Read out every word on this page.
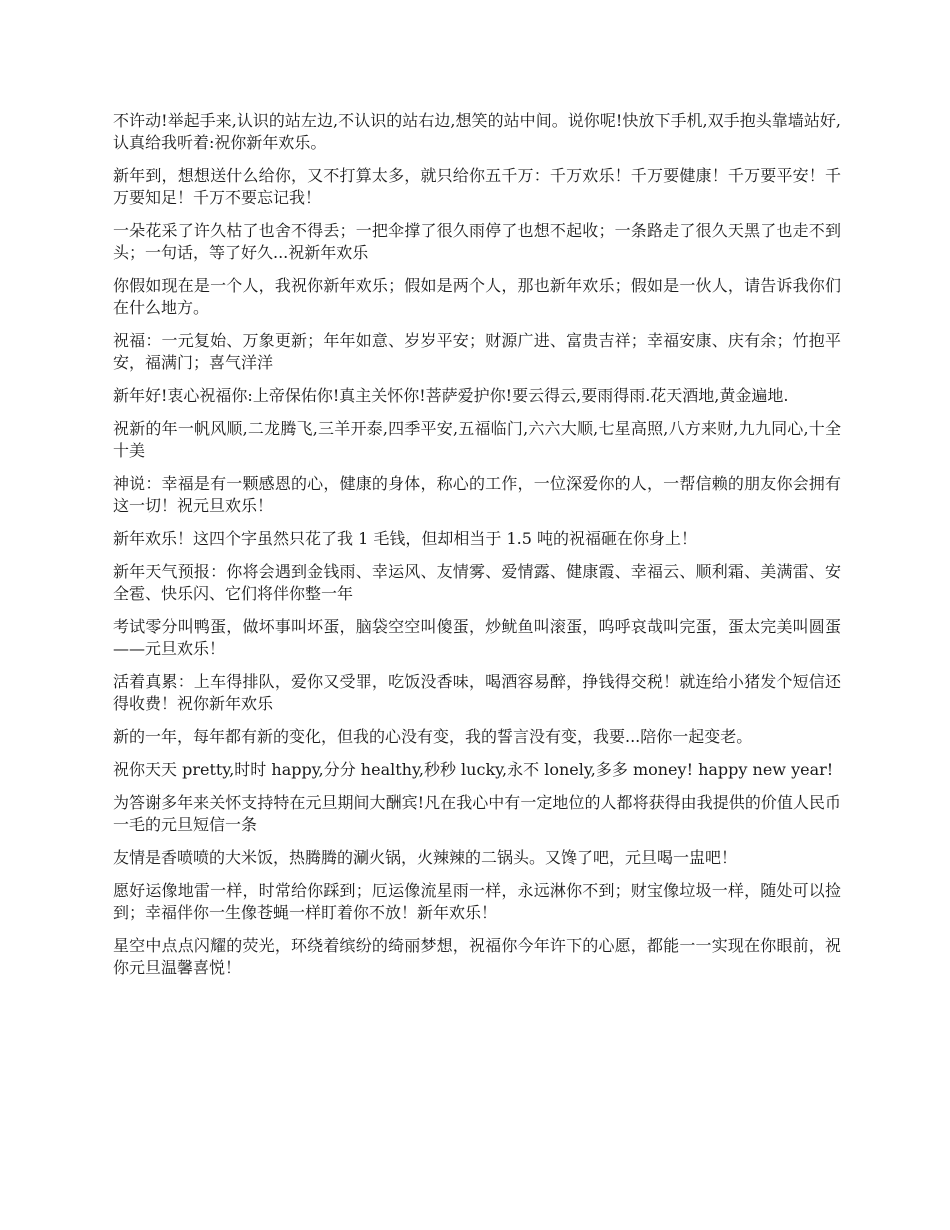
不许动!举起手来,认识的站左边,不认识的站右边,想笑的站中间。说你呢!快放下手机,双手抱头靠墙站好,认真给我听着:祝你新年欢乐。

新年到，想想送什么给你，又不打算太多，就只给你五千万：千万欢乐！千万要健康！千万要平安！千万要知足！千万不要忘记我！

一朵花采了许久枯了也舍不得丢；一把伞撑了很久雨停了也想不起收；一条路走了很久天黑了也走不到头；一句话，等了好久...祝新年欢乐

你假如现在是一个人，我祝你新年欢乐；假如是两个人，那也新年欢乐；假如是一伙人，请告诉我你们在什么地方。

祝福：一元复始、万象更新；年年如意、岁岁平安；财源广进、富贵吉祥；幸福安康、庆有余；竹抱平安，福满门；喜气洋洋

新年好!衷心祝福你:上帝保佑你!真主关怀你!菩萨爱护你!要云得云,要雨得雨.花天酒地,黄金遍地.

祝新的年一帆风顺,二龙腾飞,三羊开泰,四季平安,五福临门,六六大顺,七星高照,八方来财,九九同心,十全十美

神说：幸福是有一颗感恩的心，健康的身体，称心的工作，一位深爱你的人，一帮信赖的朋友你会拥有这一切！祝元旦欢乐！

新年欢乐！这四个字虽然只花了我 1 毛钱，但却相当于 1.5 吨的祝福砸在你身上！

新年天气预报：你将会遇到金钱雨、幸运风、友情雾、爱情露、健康霞、幸福云、顺利霜、美满雷、安全雹、快乐闪、它们将伴你整一年

考试零分叫鸭蛋，做坏事叫坏蛋，脑袋空空叫傻蛋，炒鱿鱼叫滚蛋，呜呼哀哉叫完蛋，蛋太完美叫圆蛋——元旦欢乐！

活着真累：上车得排队，爱你又受罪，吃饭没香味，喝酒容易醉，挣钱得交税！就连给小猪发个短信还得收费！祝你新年欢乐

新的一年，每年都有新的变化，但我的心没有变，我的誓言没有变，我要...陪你一起变老。

祝你天天 pretty,时时 happy,分分 healthy,秒秒 lucky,永不 lonely,多多 money! happy new year!

为答谢多年来关怀支持特在元旦期间大酬宾!凡在我心中有一定地位的人都将获得由我提供的价值人民币一毛的元旦短信一条

友情是香喷喷的大米饭，热腾腾的涮火锅，火辣辣的二锅头。又馋了吧，元旦喝一盅吧！

愿好运像地雷一样，时常给你踩到；厄运像流星雨一样，永远淋你不到；财宝像垃圾一样，随处可以捡到；幸福伴你一生像苍蝇一样盯着你不放！新年欢乐！

星空中点点闪耀的荧光，环绕着缤纷的绮丽梦想，祝福你今年许下的心愿，都能一一实现在你眼前，祝你元旦温馨喜悦！
